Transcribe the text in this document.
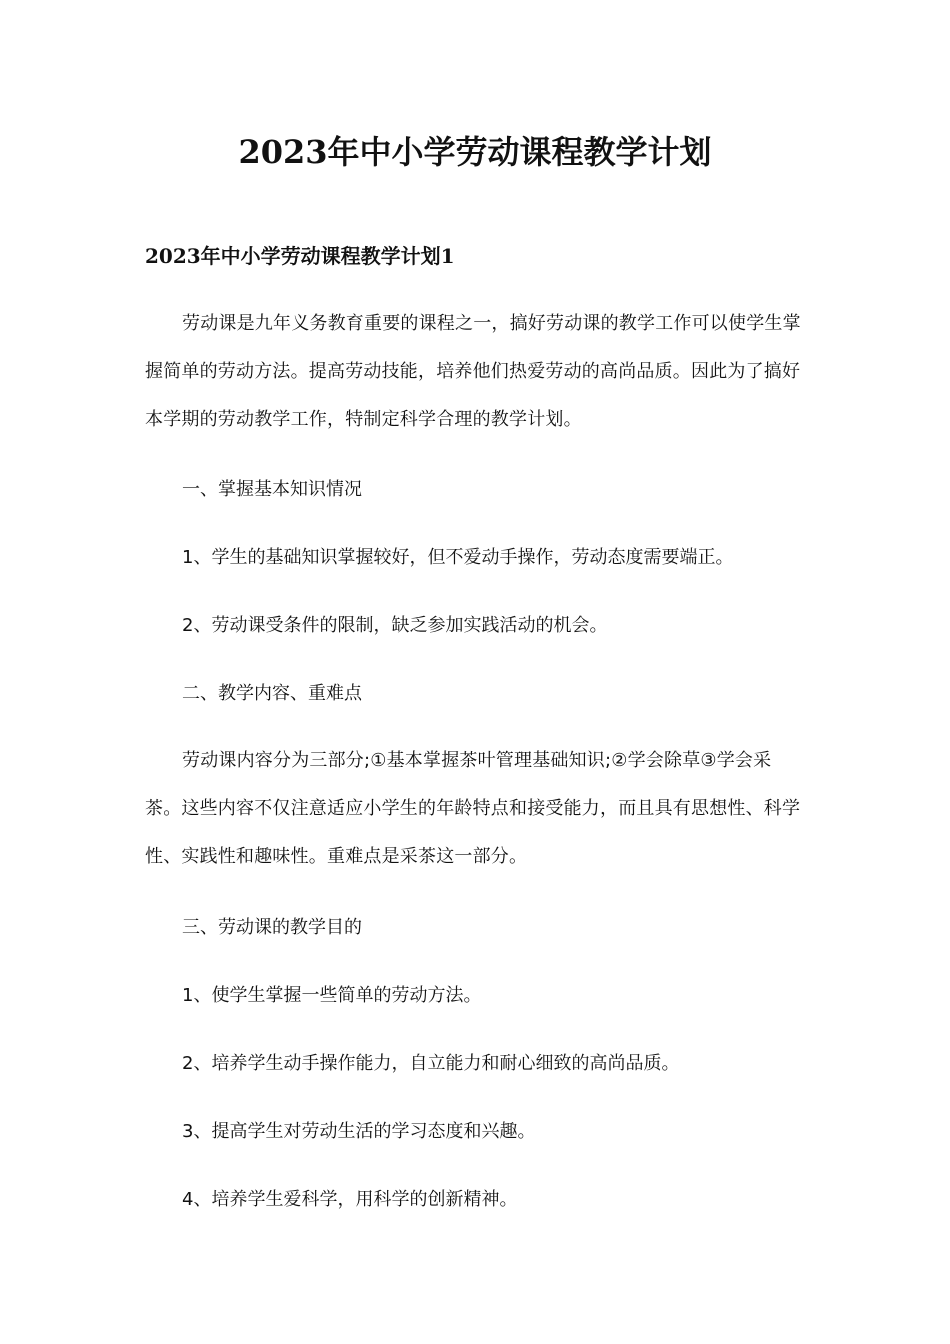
2023年中小学劳动课程教学计划
2023年中小学劳动课程教学计划1

劳动课是九年义务教育重要的课程之一，搞好劳动课的教学工作可以使学生掌握简单的劳动方法。提高劳动技能，培养他们热爱劳动的高尚品质。因此为了搞好本学期的劳动教学工作，特制定科学合理的教学计划。

一、掌握基本知识情况

1、学生的基础知识掌握较好，但不爱动手操作，劳动态度需要端正。

2、劳动课受条件的限制，缺乏参加实践活动的机会。

二、教学内容、重难点

劳动课内容分为三部分;①基本掌握茶叶管理基础知识;②学会除草③学会采茶。这些内容不仅注意适应小学生的年龄特点和接受能力，而且具有思想性、科学性、实践性和趣味性。重难点是采茶这一部分。

三、劳动课的教学目的

1、使学生掌握一些简单的劳动方法。

2、培养学生动手操作能力，自立能力和耐心细致的高尚品质。

3、提高学生对劳动生活的学习态度和兴趣。

4、培养学生爱科学，用科学的创新精神。
